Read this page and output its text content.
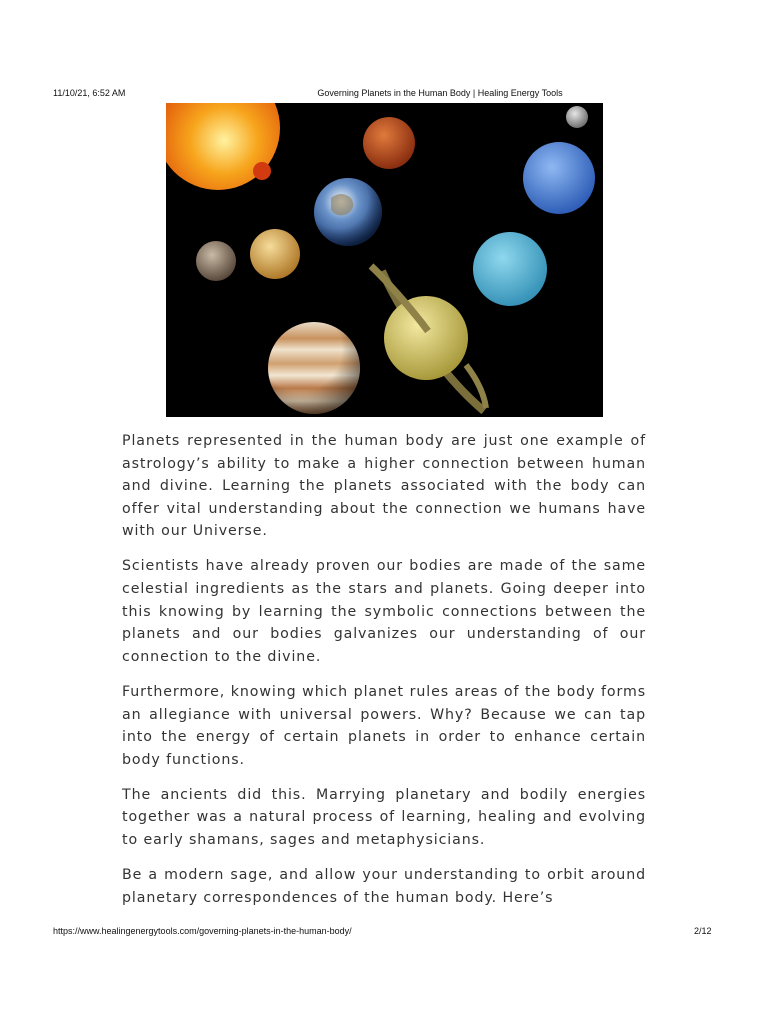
11/10/21, 6:52 AM	Governing Planets in the Human Body | Healing Energy Tools

Planets represented in the human body are just one example of astrology’s ability to make a higher connection between human and divine. Learning the planets associated with the body can offer vital understanding about the connection we humans have with our Universe.

Scientists have already proven our bodies are made of the same celestial ingredients as the stars and planets. Going deeper into this knowing by learning the symbolic connections between the planets and our bodies galvanizes our understanding of our connection to the divine.

Furthermore, knowing which planet rules areas of the body forms an allegiance with universal powers. Why? Because we can tap into the energy of certain planets in order to enhance certain body functions.

The ancients did this. Marrying planetary and bodily energies together was a natural process of learning, healing and evolving to early shamans, sages and metaphysicians.

Be a modern sage, and allow your understanding to orbit around planetary correspondences of the human body. Here’s

https://www.healingenergytools.com/governing-planets-in-the-human-body/	2/12
